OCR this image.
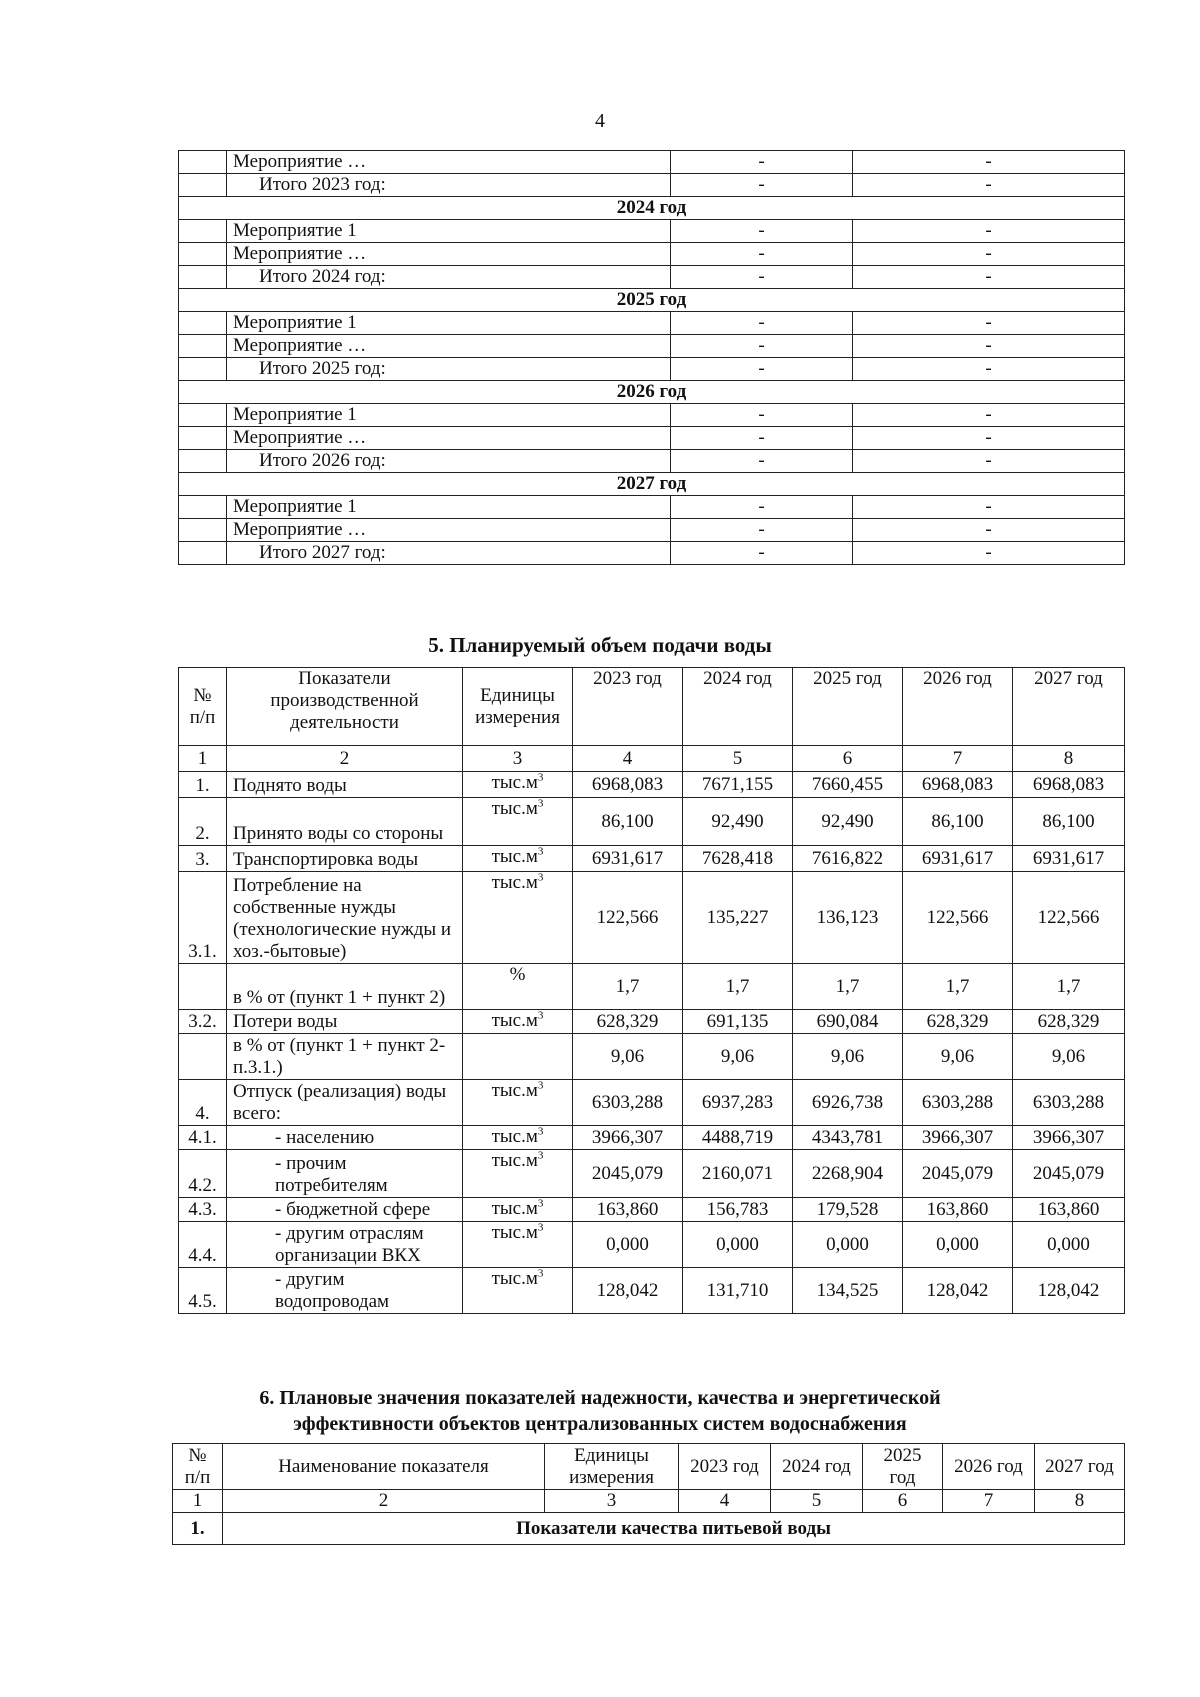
4
	Мероприятие …	-	-
	Итого 2023 год:	-	-
2024 год			
	Мероприятие 1	-	-
	Мероприятие …	-	-
	Итого 2024 год:	-	-
2025 год			
	Мероприятие 1	-	-
	Мероприятие …	-	-
	Итого 2025 год:	-	-
2026 год			
	Мероприятие 1	-	-
	Мероприятие …	-	-
	Итого 2026 год:	-	-
2027 год			
	Мероприятие 1	-	-
	Мероприятие …	-	-
	Итого 2027 год:	-	-
5. Планируемый объем подачи воды
№ п/п	Показатели производственной деятельности	Единицы измерения	2023 год	2024 год	2025 год	2026 год	2027 год
1	2	3	4	5	6	7	8
1.	Поднято воды	$тыс.м^3$	6968,083	7671,155	7660,455	6968,083	6968,083
2.	Принято воды со стороны	$тыс.м^3$	86,100	92,490	92,490	86,100	86,100
3.	Транспортировка воды	$тыс.м^3$	6931,617	7628,418	7616,822	6931,617	6931,617
3.1.	Потребление на собственные нужды (технологические нужды и хоз.-бытовые)	$тыс.м^3$	122,566	135,227	136,123	122,566	122,566
	в % от (пункт 1 + пункт 2)	%	1,7	1,7	1,7	1,7	1,7
3.2.	Потери воды	$тыс.м^3$	628,329	691,135	690,084	628,329	628,329
	в % от (пункт 1 + пункт 2-п.3.1.)		9,06	9,06	9,06	9,06	9,06
4.	Отпуск (реализация) воды всего:	$тыс.м^3$	6303,288	6937,283	6926,738	6303,288	6303,288
4.1.	- населению	$тыс.м^3$	3966,307	4488,719	4343,781	3966,307	3966,307
4.2.	- прочим потребителям	$тыс.м^3$	2045,079	2160,071	2268,904	2045,079	2045,079
4.3.	- бюджетной сфере	$тыс.м^3$	163,860	156,783	179,528	163,860	163,860
4.4.	- другим отраслям организации ВКХ	$тыс.м^3$	0,000	0,000	0,000	0,000	0,000
4.5.	- другим водопроводам	$тыс.м^3$	128,042	131,710	134,525	128,042	128,042
6. Плановые значения показателей надежности, качества и энергетической
эффективности объектов централизованных систем водоснабжения
№ п/п	Наименование показателя	Единицы измерения	2023 год	2024 год	2025 год	2026 год	2027 год
1	2	3	4	5	6	7	8
1.	Показатели качества питьевой воды						
